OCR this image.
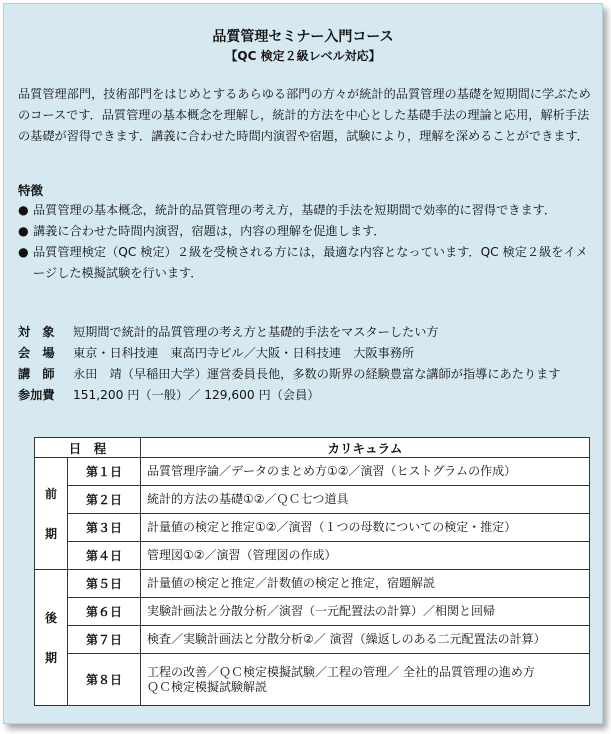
品質管理セミナー入門コース
【QC 検定２級レベル対応】
品質管理部門，技術部門をはじめとするあらゆる部門の方々が統計的品質管理の基礎を短期間に学ぶためのコースです．品質管理の基本概念を理解し，統計的方法を中心とした基礎手法の理論と応用，解析手法の基礎が習得できます．講義に合わせた時間内演習や宿題，試験により，理解を深めることができます．
特徴
● 品質管理の基本概念，統計的品質管理の考え方，基礎的手法を短期間で効率的に習得できます．
● 講義に合わせた時間内演習，宿題は，内容の理解を促進します．
● 品質管理検定（QC 検定）２級を受検される方には，最適な内容となっています．QC 検定２級をイメージした模擬試験を行います．
対　象	短期間で統計的品質管理の考え方と基礎的手法をマスターしたい方
会　場	東京・日科技連　東高円寺ビル／大阪・日科技連　大阪事務所
講　師	永田　靖（早稲田大学）運営委員長他，多数の斯界の経験豊富な講師が指導にあたります
参加費	151,200 円（一般）／ 129,600 円（会員）
日　程		カリキュラム
前
期	第１日	品質管理序論／データのまとめ方①②／演習（ヒストグラムの作成）
	第２日	統計的方法の基礎①②／ＱＣ七つ道具
	第３日	計量値の検定と推定①②／演習（１つの母数についての検定・推定）
	第４日	管理図①②／演習（管理図の作成）
後
期	第５日	計量値の検定と推定／計数値の検定と推定，宿題解説
	第６日	実験計画法と分散分析／演習（一元配置法の計算）／相関と回帰
	第７日	検査／実験計画法と分散分析②／ 演習（繰返しのある二元配置法の計算）
	第８日	工程の改善／ＱＣ検定模擬試験／工程の管理／ 全社的品質管理の進め方
ＱＣ検定模擬試験解説
